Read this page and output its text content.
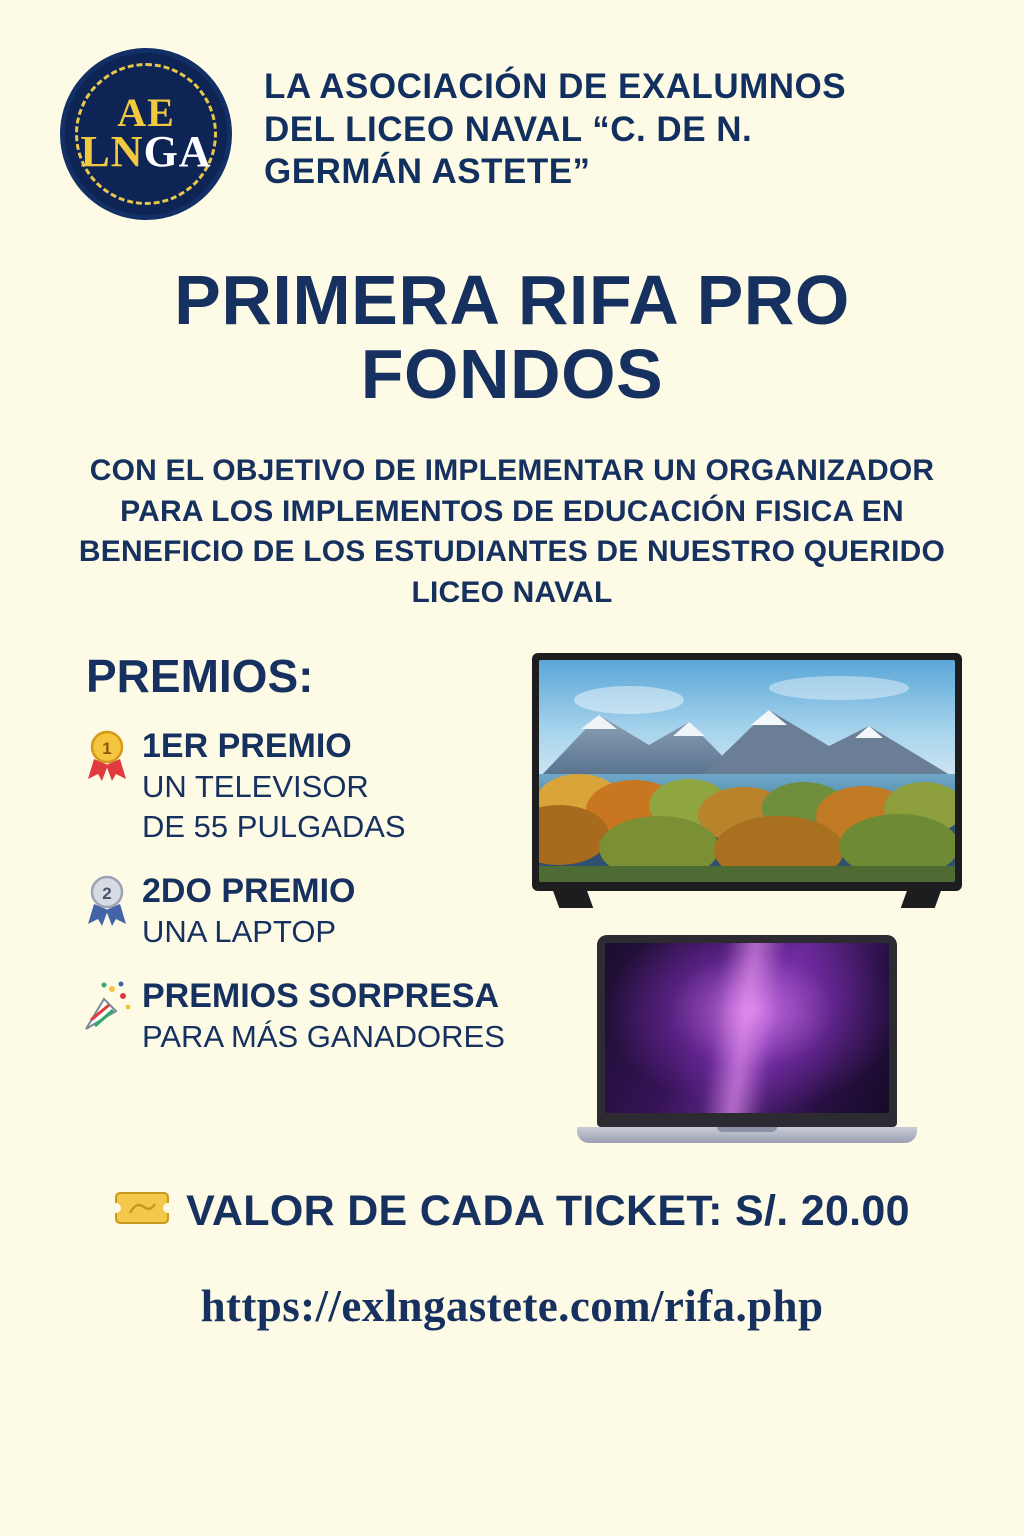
AE
LNGA
LA ASOCIACIÓN DE EXALUMNOS DEL LICEO NAVAL “C. DE N. GERMÁN ASTETE”
PRIMERA RIFA PRO FONDOS
CON EL OBJETIVO DE IMPLEMENTAR UN ORGANIZADOR PARA LOS IMPLEMENTOS DE EDUCACIÓN FISICA EN BENEFICIO DE LOS ESTUDIANTES DE NUESTRO QUERIDO LICEO NAVAL
PREMIOS:
1 1ER PREMIO
UN TELEVISOR
DE 55 PULGADAS
2 2DO PREMIO
UNA LAPTOP
PREMIOS SORPRESA
PARA MÁS GANADORES
VALOR DE CADA TICKET: S/. 20.00
https://exlngastete.com/rifa.php
